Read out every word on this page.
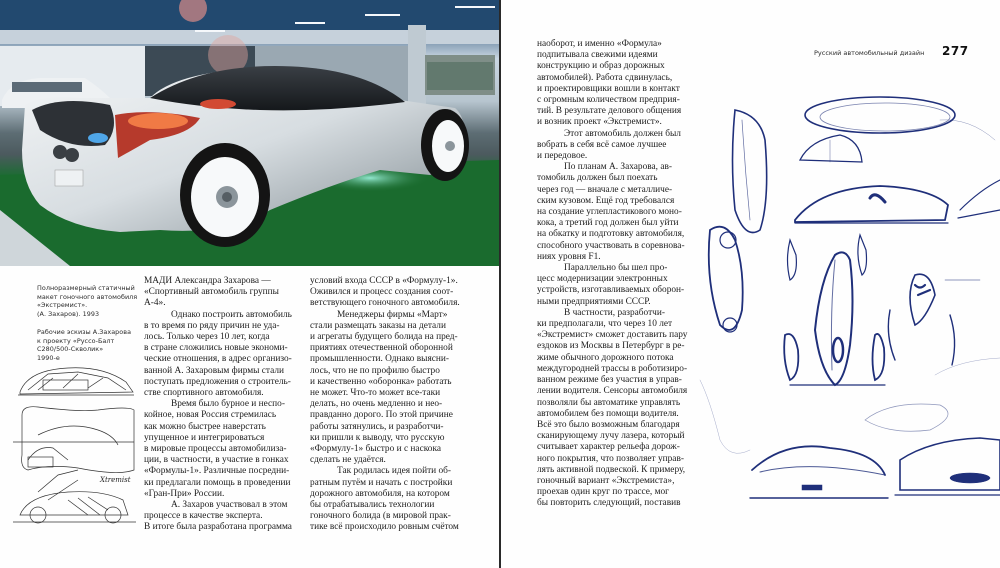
Полноразмерный статичный
макет гоночного автомобиля
«Экстремист».
(А. Захаров). 1993
Рабочие эскизы А.Захарова
к проекту «Руссо-Балт
С280/500-Скволик»
1990-е
Xtremist

МАДИ Александра Захарова —

«Спортивный автомобиль группы

А-4».

Однако построить автомобиль

в то время по ряду причин не уда-

лось. Только через 10 лет, когда

в стране сложились новые экономи-

ческие отношения, в адрес организо-

ванной А. Захаровым фирмы стали

поступать предложения о строитель-

стве спортивного автомобиля.

Время было бурное и неспо-

койное, новая Россия стремилась

как можно быстрее наверстать

упущенное и интегрироваться

в мировые процессы автомобилиза-

ции, в частности, в участие в гонках

«Формулы-1». Различные посредни-

ки предлагали помощь в проведении

«Гран-При» России.

А. Захаров участвовал в этом

процессе в качестве эксперта.

В итоге была разработана программа

условий входа СССР в «Формулу-1».

Оживился и процесс создания соот-

ветствующего гоночного автомобиля.

Менеджеры фирмы «Март»

стали размещать заказы на детали

и агрегаты будущего болида на пред-

приятиях отечественной оборонной

промышленности. Однако выясни-

лось, что не по профилю быстро

и качественно «оборонка» работать

не может. Что-то может все-таки

делать, но очень медленно и нео-

правданно дорого. По этой причине

работы затянулись, и разработчи-

ки пришли к выводу, что русскую

«Формулу-1» быстро и с наскока

сделать не удаётся.

Так родилась идея пойти об-

ратным путём и начать с постройки

дорожного автомобиля, на котором

бы отрабатывались технологии

гоночного болида (в мировой прак-

тике всё происходило ровным счётом

Русский автомобильный дизайн 277

наоборот, и именно «Формула»

подпитывала свежими идеями

конструкцию и образ дорожных

автомобилей). Работа сдвинулась,

и проектировщики вошли в контакт

с огромным количеством предприя-

тий. В результате делового общения

и возник проект «Экстремист».

Этот автомобиль должен был

вобрать в себя всё самое лучшее

и передовое.

По планам А. Захарова, ав-

томобиль должен был поехать

через год — вначале с металличе-

ским кузовом. Ещё год требовался

на создание углепластикового моно-

кока, а третий год должен был уйти

на обкатку и подготовку автомобиля,

способного участвовать в соревнова-

ниях уровня F1.

Параллельно бы шел про-

цесс модернизации электронных

устройств, изготавливаемых оборон-

ными предприятиями СССР.

В частности, разработчи-

ки предполагали, что через 10 лет

«Экстремист» сможет доставить пару

ездоков из Москвы в Петербург в ре-

жиме обычного дорожного потока

междугородней трассы в роботизиро-

ванном режиме без участия в управ-

лении водителя. Сенсоры автомобиля

позволяли бы автоматике управлять

автомобилем без помощи водителя.

Всё это было возможным благодаря

сканирующему лучу лазера, который

считывает характер рельефа дорож-

ного покрытия, что позволяет управ-

лять активной подвеской. К примеру,

гоночный вариант «Экстремиста»,

проехав один круг по трассе, мог

бы повторить следующий, поставив
